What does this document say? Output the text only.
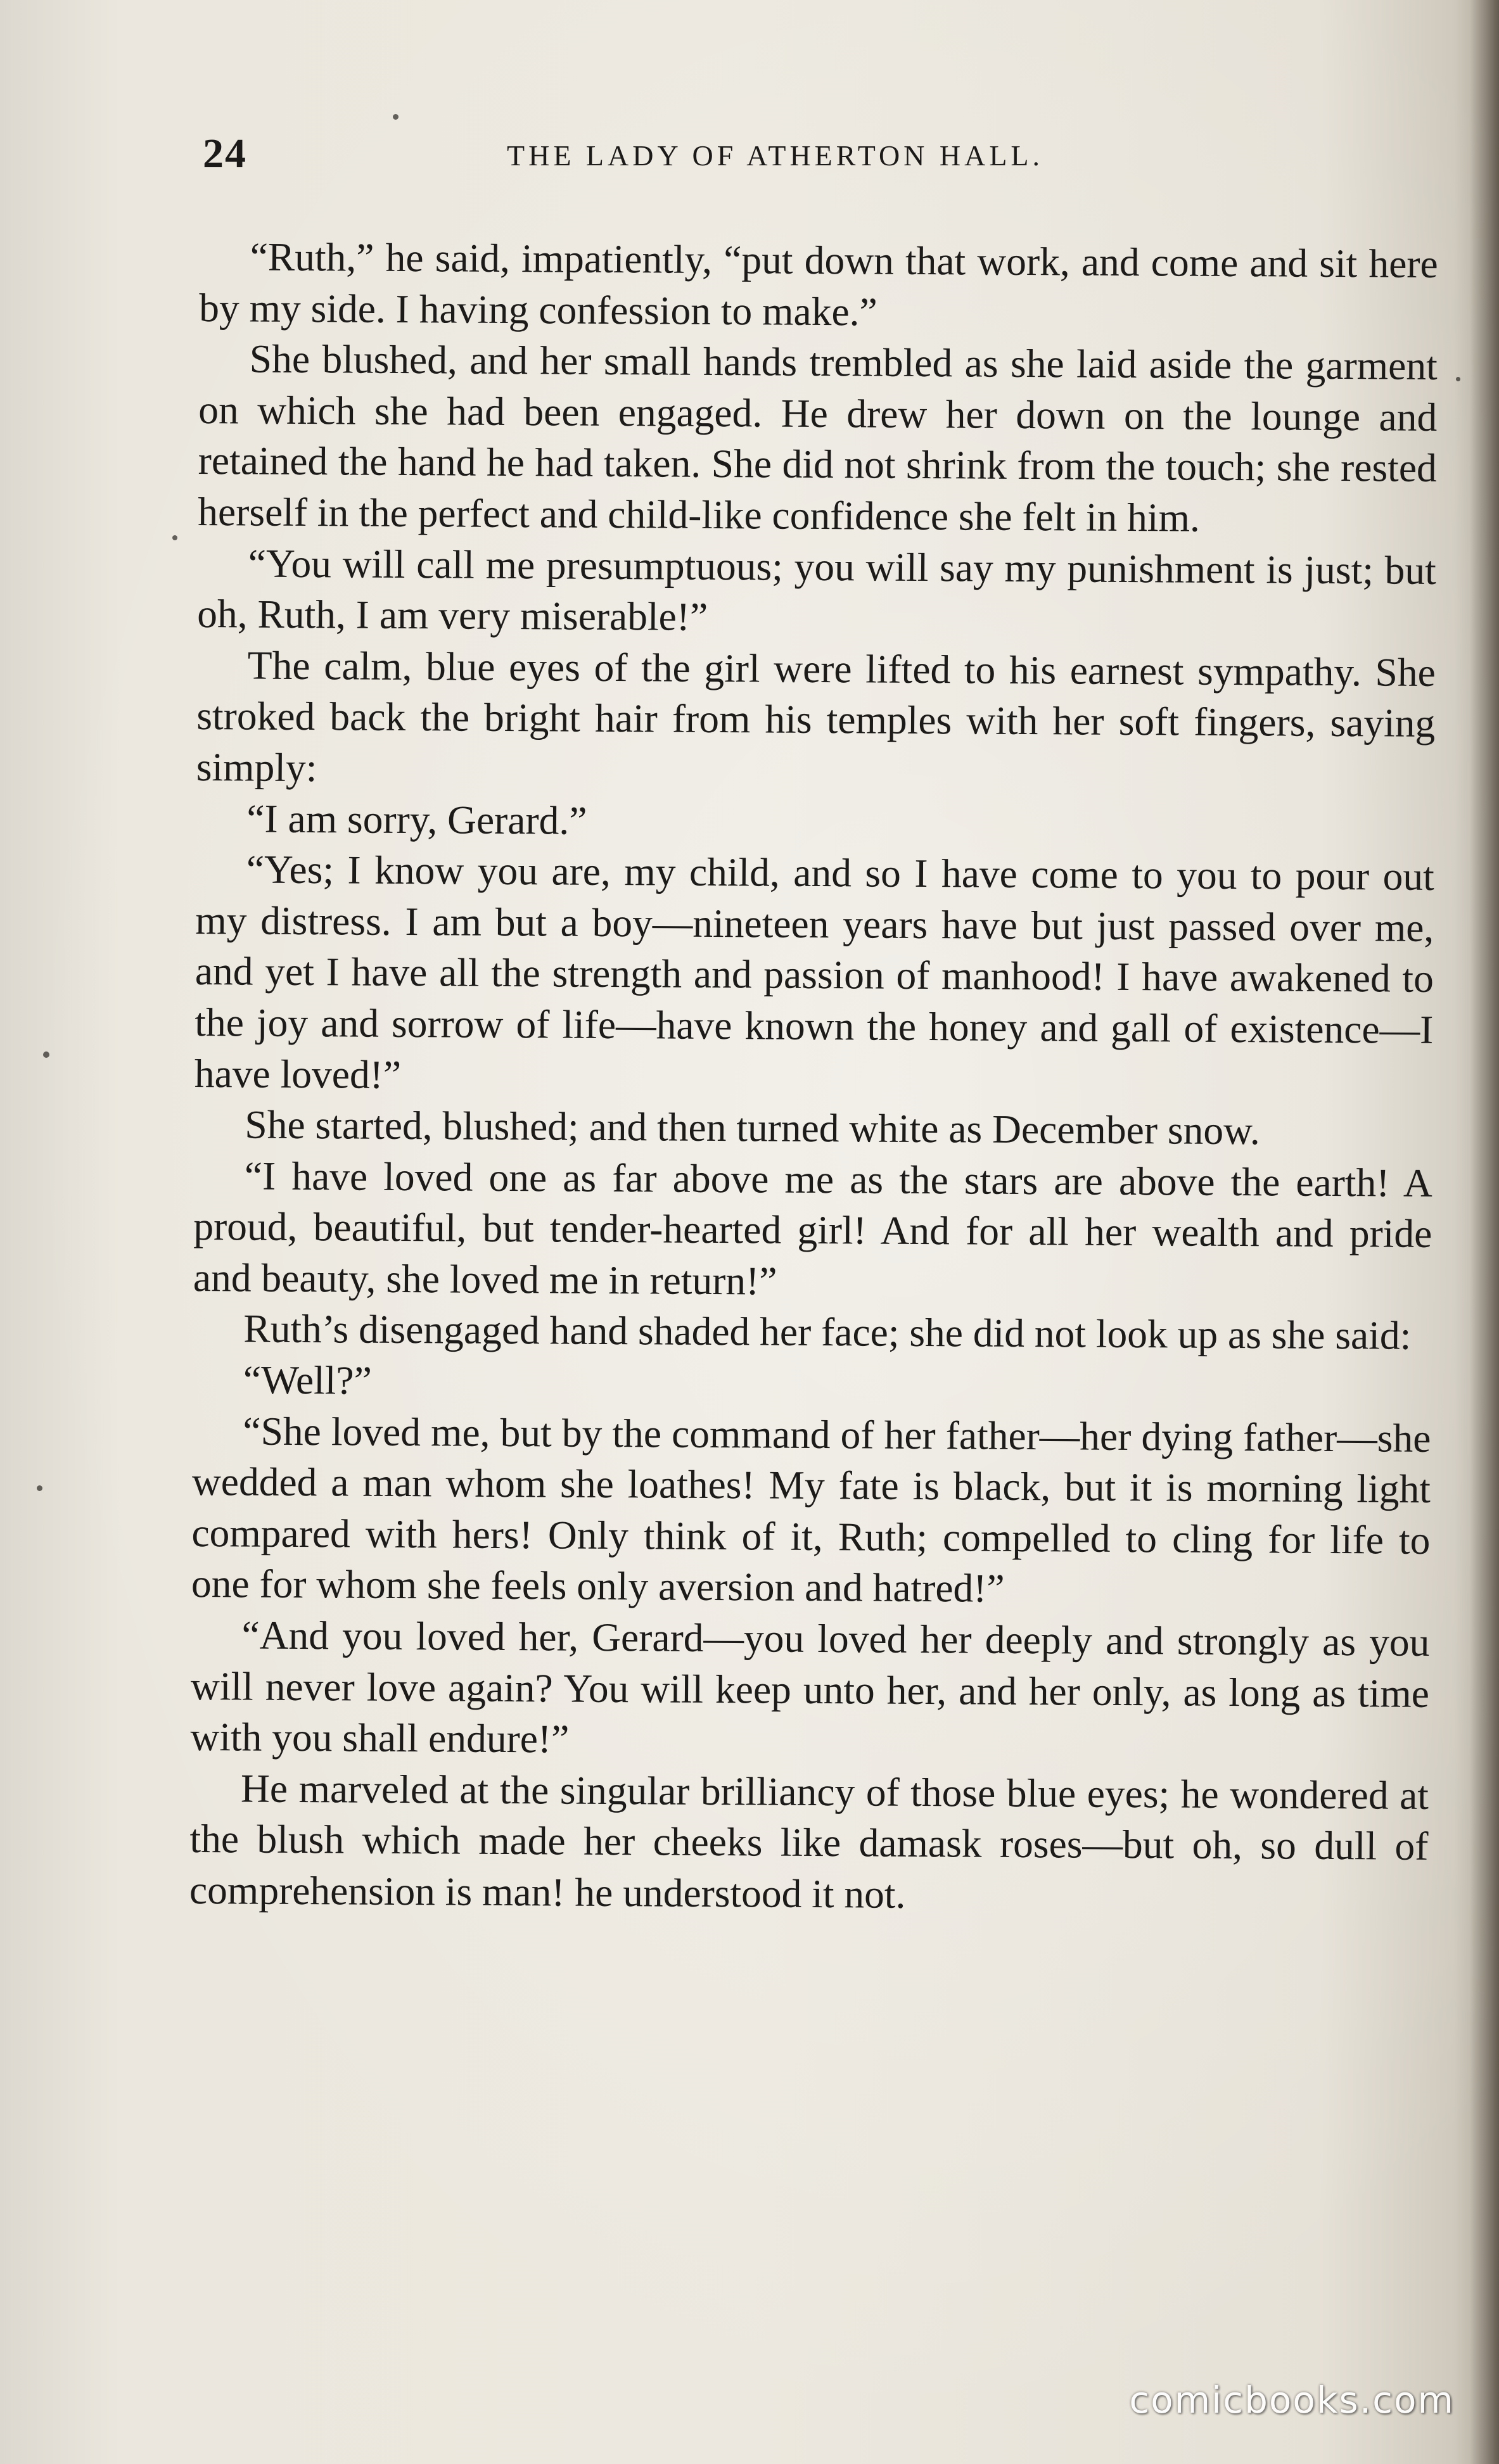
24	THE LADY OF ATHERTON HALL.

“Ruth,” he said, impatiently, “put down that work, and come and sit here by my side. I having confession to make.”

She blushed, and her small hands trembled as she laid aside the garment on which she had been engaged. He drew her down on the lounge and retained the hand he had taken. She did not shrink from the touch; she rested herself in the perfect and child-like confidence she felt in him.

“You will call me presumptuous; you will say my punishment is just; but oh, Ruth, I am very miserable!”

The calm, blue eyes of the girl were lifted to his earnest sympathy. She stroked back the bright hair from his temples with her soft fingers, saying simply:

“I am sorry, Gerard.”

“Yes; I know you are, my child, and so I have come to you to pour out my distress. I am but a boy—nineteen years have but just passed over me, and yet I have all the strength and passion of manhood! I have awakened to the joy and sorrow of life—have known the honey and gall of existence—I have loved!”

She started, blushed; and then turned white as December snow.

“I have loved one as far above me as the stars are above the earth! A proud, beautiful, but tender-hearted girl! And for all her wealth and pride and beauty, she loved me in return!”

Ruth’s disengaged hand shaded her face; she did not look up as she said:

“Well?”

“She loved me, but by the command of her father—her dying father—she wedded a man whom she loathes! My fate is black, but it is morning light compared with hers! Only think of it, Ruth; compelled to cling for life to one for whom she feels only aversion and hatred!”

“And you loved her, Gerard—you loved her deeply and strongly as you will never love again? You will keep unto her, and her only, as long as time with you shall endure!”

He marveled at the singular brilliancy of those blue eyes; he wondered at the blush which made her cheeks like damask roses—but oh, so dull of comprehension is man! he understood it not.

comicbooks.com
